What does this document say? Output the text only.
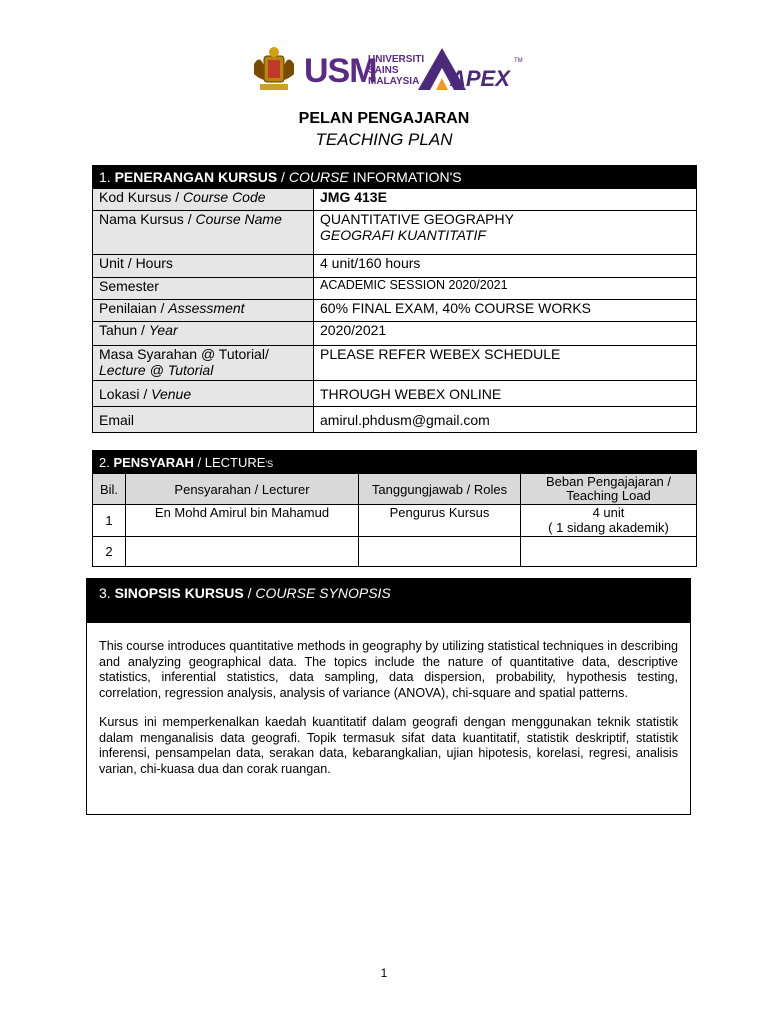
USM
UNIVERSITI
SAINS
MALAYSIA	APEX
TM
PELAN PENGAJARAN
TEACHING PLAN
1. PENERANGAN KURSUS / COURSE INFORMATION'S	
Kod Kursus / Course Code	JMG 413E
Nama Kursus / Course Name	QUANTITATIVE GEOGRAPHY
GEOGRAFI KUANTITATIF

Unit / Hours	4 unit/160 hours
Semester	ACADEMIC SESSION 2020/2021
Penilaian / Assessment	60% FINAL EXAM, 40% COURSE WORKS
Tahun / Year	2020/2021

Masa Syarahan @ Tutorial/
Lecture @ Tutorial	PLEASE REFER WEBEX SCHEDULE
Lokasi / Venue	THROUGH WEBEX ONLINE
Email	amirul.phdusm@gmail.com
2. PENSYARAH / LECTURE'S			
Bil.	Pensyarahan / Lecturer	Tanggungjawab / Roles	Beban Pengajajaran / Teaching Load
1	En Mohd Amirul bin Mahamud	Pengurus Kursus	4 unit
( 1 sidang akademik)

2			
3. SINOPSIS KURSUS / COURSE SYNOPSIS

This course introduces quantitative methods in geography by utilizing statistical techniques in describing and analyzing geographical data. The topics include the nature of quantitative data, descriptive statistics, inferential statistics, data sampling, data dispersion, probability, hypothesis testing, correlation, regression analysis, analysis of variance (ANOVA), chi-square and spatial patterns.

Kursus ini memperkenalkan kaedah kuantitatif dalam geografi dengan menggunakan teknik statistik dalam menganalisis data geografi. Topik termasuk sifat data kuantitatif, statistik deskriptif, statistik inferensi, pensampelan data, serakan data, kebarangkalian, ujian hipotesis, korelasi, regresi, analisis varian, chi-kuasa dua dan corak ruangan.

1
